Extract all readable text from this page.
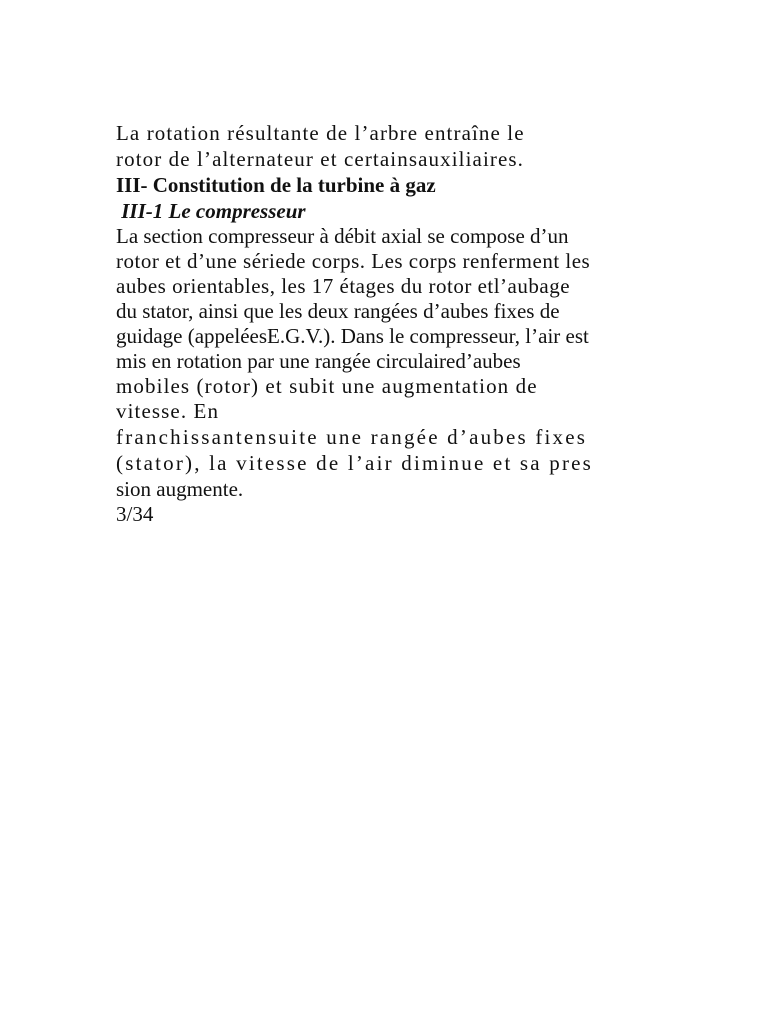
La rotation résultante de l’arbre entraîne le
rotor de l’alternateur et certainsauxiliaires.
III- Constitution de la turbine à gaz
III-1 Le compresseur
La section compresseur à débit axial se compose d’un
rotor et d’une sériede corps. Les corps renferment les
aubes orientables, les 17 étages du rotor etl’aubage
du stator, ainsi que les deux rangées d’aubes fixes de
guidage (appeléesE.G.V.). Dans le compresseur, l’air est
mis en rotation par une rangée circulaired’aubes
mobiles (rotor) et subit une augmentation de
vitesse. En
franchissantensuite une rangée d’aubes fixes
(stator), la vitesse de l’air diminue et sa pres
sion augmente.
3/34
